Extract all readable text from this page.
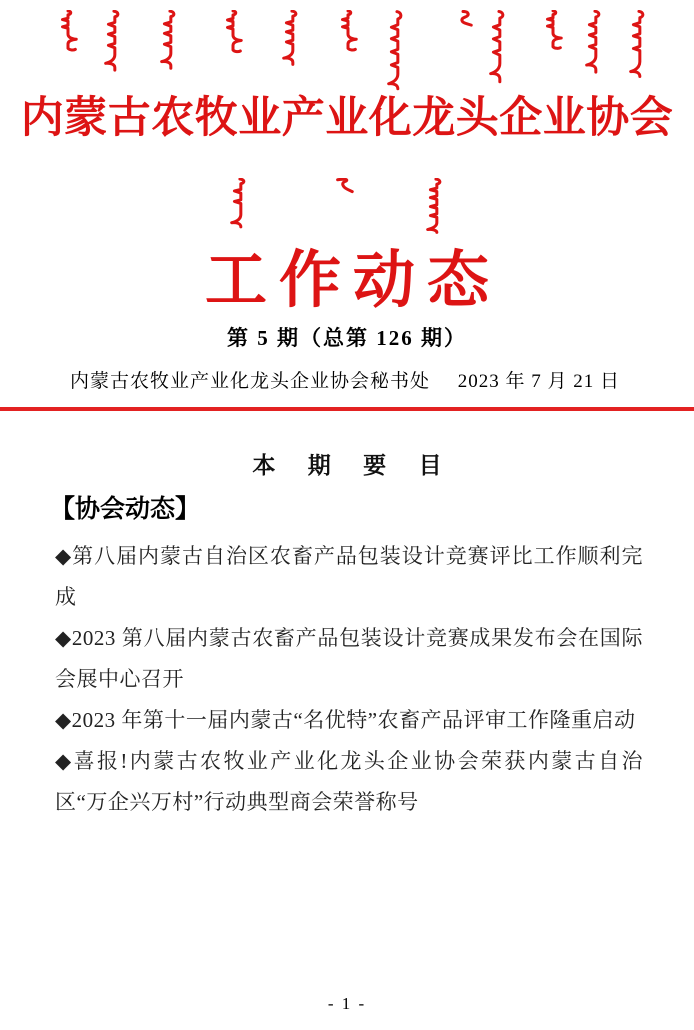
内蒙古农牧业产业化龙头企业协会
工作动态
第 5 期（总第 126 期）
内蒙古农牧业产业化龙头企业协会秘书处 2023 年 7 月 21 日
本 期 要 目
【协会动态】

◆第八届内蒙古自治区农畜产品包装设计竞赛评比工作顺利完成

◆2023 第八届内蒙古农畜产品包装设计竞赛成果发布会在国际会展中心召开

◆2023 年第十一届内蒙古“名优特”农畜产品评审工作隆重启动

◆喜报!内蒙古农牧业产业化龙头企业协会荣获内蒙古自治区“万企兴万村”行动典型商会荣誉称号

- 1 -
